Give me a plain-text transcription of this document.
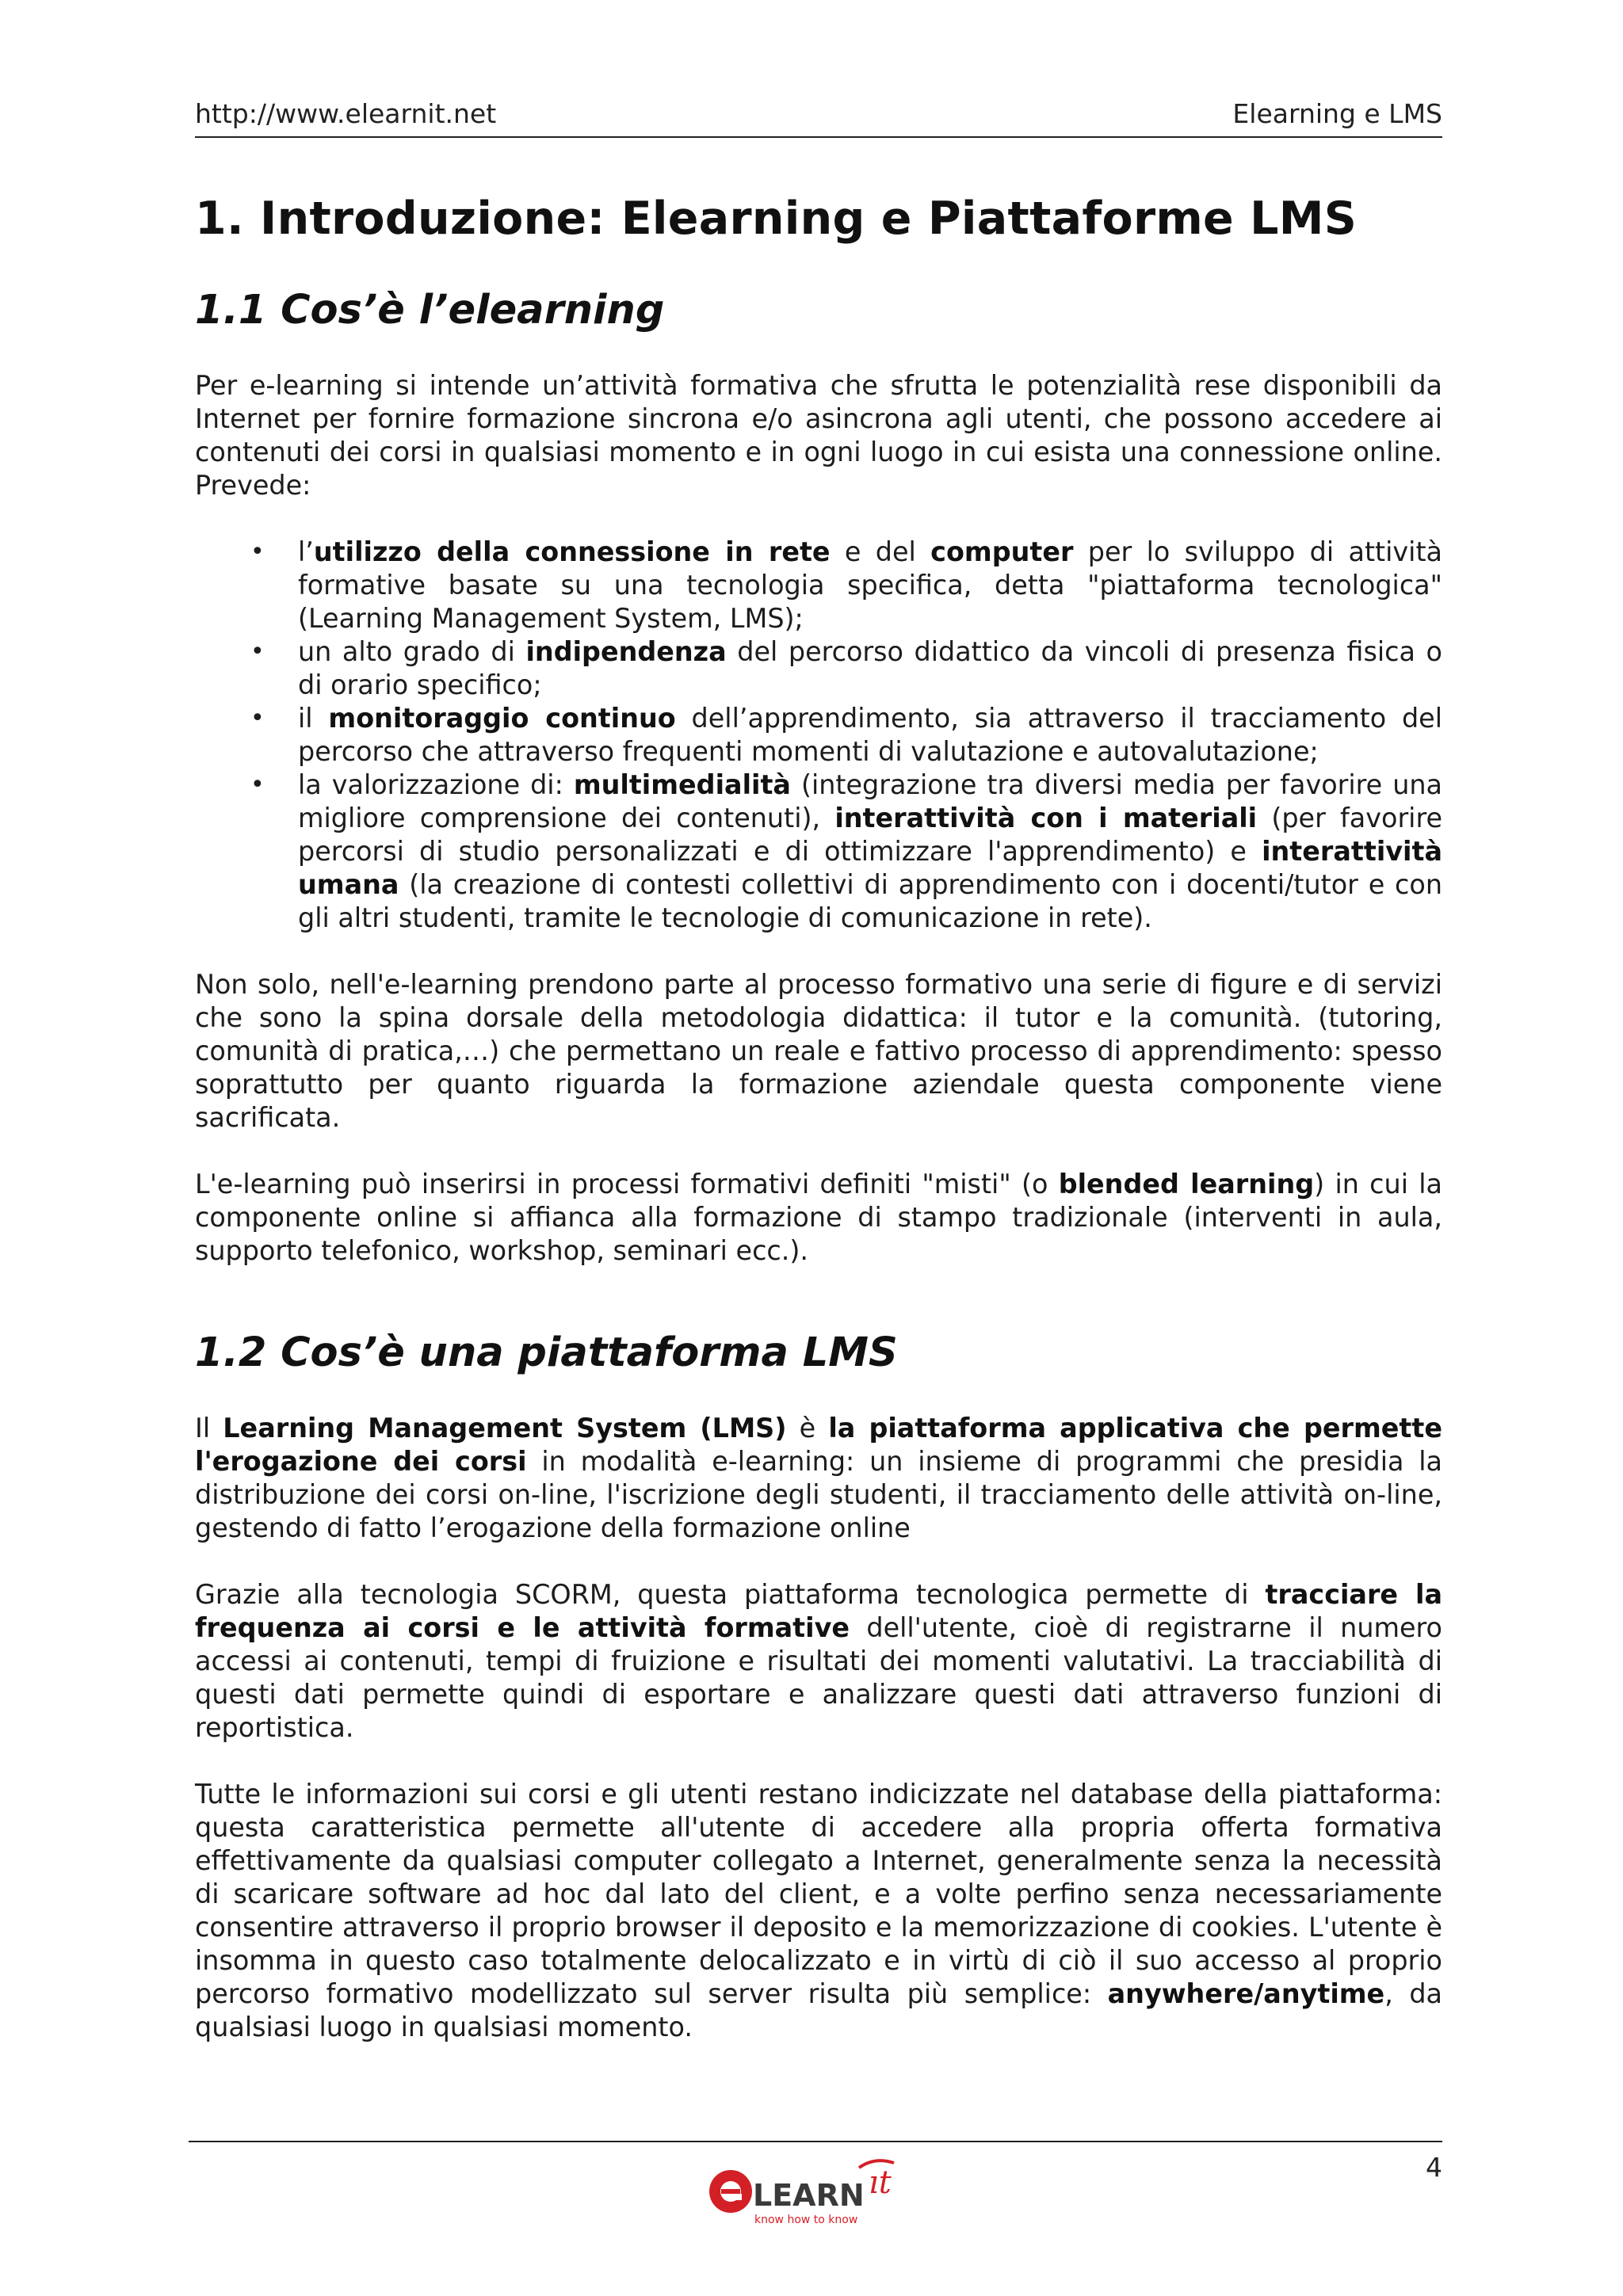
http://www.elearnit.net	Elearning e LMS
1. Introduzione: Elearning e Piattaforme LMS
1.1 Cos’è l’elearning

Per e-learning si intende un’attività formativa che sfrutta le potenzialità rese disponibili da Internet per fornire formazione sincrona e/o asincrona agli utenti, che possono accedere ai contenuti dei corsi in qualsiasi momento e in ogni luogo in cui esista una connessione online. Prevede:

• l’utilizzo della connessione in rete e del computer per lo sviluppo di attività formative basate su una tecnologia specifica, detta "piattaforma tecnologica" (Learning Management System, LMS);
• un alto grado di indipendenza del percorso didattico da vincoli di presenza fisica o di orario specifico;
• il monitoraggio continuo dell’apprendimento, sia attraverso il tracciamento del percorso che attraverso frequenti momenti di valutazione e autovalutazione;
• la valorizzazione di: multimedialità (integrazione tra diversi media per favorire una migliore comprensione dei contenuti), interattività con i materiali (per favorire percorsi di studio personalizzati e di ottimizzare l'apprendimento) e interattività umana (la creazione di contesti collettivi di apprendimento con i docenti/tutor e con gli altri studenti, tramite le tecnologie di comunicazione in rete).

Non solo, nell'e-learning prendono parte al processo formativo una serie di figure e di servizi che sono la spina dorsale della metodologia didattica: il tutor e la comunità. (tutoring, comunità di pratica,…) che permettano un reale e fattivo processo di apprendimento: spesso soprattutto per quanto riguarda la formazione aziendale questa componente viene sacrificata.

L'e-learning può inserirsi in processi formativi definiti "misti" (o blended learning) in cui la componente online si affianca alla formazione di stampo tradizionale (interventi in aula, supporto telefonico, workshop, seminari ecc.).

1.2 Cos’è una piattaforma LMS

Il Learning Management System (LMS) è la piattaforma applicativa che permette l'erogazione dei corsi in modalità e-learning: un insieme di programmi che presidia la distribuzione dei corsi on-line, l'iscrizione degli studenti, il tracciamento delle attività on-line, gestendo di fatto l’erogazione della formazione online

Grazie alla tecnologia SCORM, questa piattaforma tecnologica permette di tracciare la frequenza ai corsi e le attività formative dell'utente, cioè di registrarne il numero accessi ai contenuti, tempi di fruizione e risultati dei momenti valutativi. La tracciabilità di questi dati permette quindi di esportare e analizzare questi dati attraverso funzioni di reportistica.

Tutte le informazioni sui corsi e gli utenti restano indicizzate nel database della piattaforma: questa caratteristica permette all'utente di accedere alla propria offerta formativa effettivamente da qualsiasi computer collegato a Internet, generalmente senza la necessità di scaricare software ad hoc dal lato del client, e a volte perfino senza necessariamente consentire attraverso il proprio browser il deposito e la memorizzazione di cookies. L'utente è insomma in questo caso totalmente delocalizzato e in virtù di ciò il suo accesso al proprio percorso formativo modellizzato sul server risulta più semplice: anywhere/anytime, da qualsiasi luogo in qualsiasi momento.

LEARN ıt
know how to know
4
